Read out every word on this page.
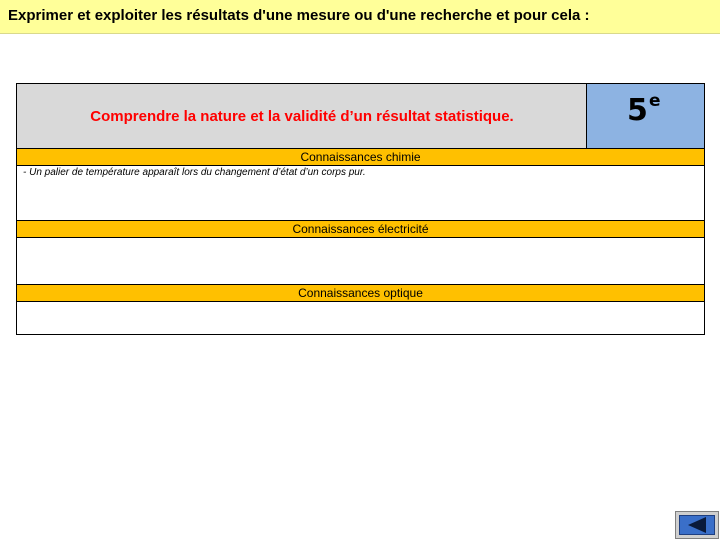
Exprimer et exploiter les résultats d'une mesure ou d'une recherche et pour cela :
Comprendre la nature et la validité d’un résultat statistique.	5 e
Connaissances chimie
- Un palier de température apparaît lors du changement d’état d’un corps pur.
Connaissances électricité
Connaissances optique
